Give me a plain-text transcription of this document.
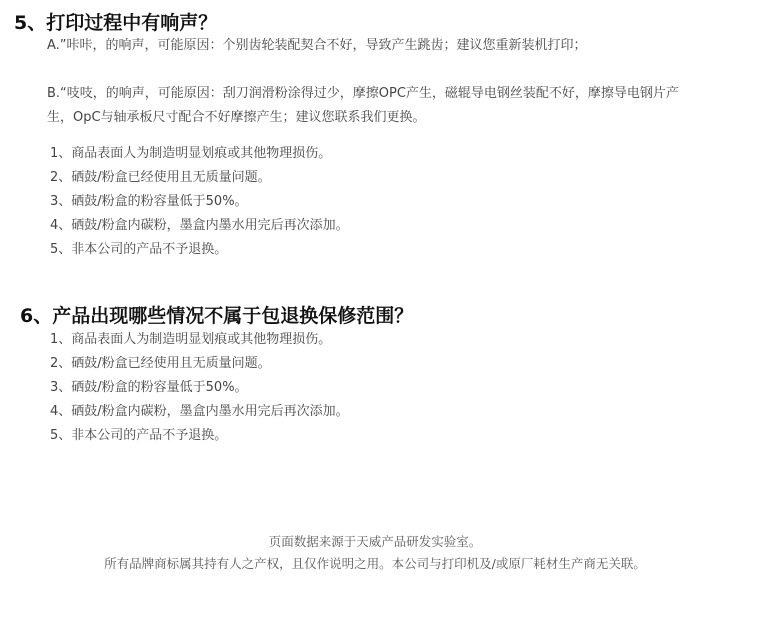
5、打印过程中有响声？

A.”咔咔，的响声，可能原因：个别齿轮装配契合不好，导致产生跳齿；建议您重新装机打印；

B.“吱吱，的响声，可能原因：刮刀润滑粉涂得过少，摩擦OPC产生，磁辊导电钢丝装配不好，摩擦导电钢片产生，OpC与轴承板尺寸配合不好摩擦产生；建议您联系我们更换。

1、商品表面人为制造明显划痕或其他物理损伤。
2、硒鼓/粉盒已经使用且无质量问题。
3、硒鼓/粉盒的粉容量低于50%。
4、硒鼓/粉盒内碳粉，墨盒内墨水用完后再次添加。
5、非本公司的产品不予退换。
6、产品出现哪些情况不属于包退换保修范围？
1、商品表面人为制造明显划痕或其他物理损伤。
2、硒鼓/粉盒已经使用且无质量问题。
3、硒鼓/粉盒的粉容量低于50%。
4、硒鼓/粉盒内碳粉，墨盒内墨水用完后再次添加。
5、非本公司的产品不予退换。

页面数据来源于天威产品研发实验室。

所有品牌商标属其持有人之产权，且仅作说明之用。本公司与打印机及/或原厂耗材生产商无关联。
